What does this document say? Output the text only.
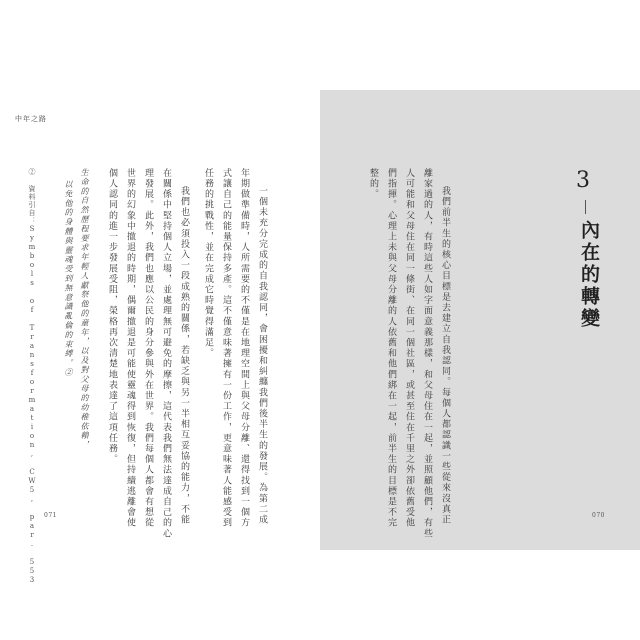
中年之路
② 資料引自：Symbols of Transformation, CW5, par. 553	以免他的身體與靈魂受到無意識亂倫的束縛。② 生命的自然歷程要求年輕人獻祭他的童年，以及對父母的幼稚依賴， 個人認同的進一步發展受阻，榮格再次清楚地表達了這項任務。 世界的幻象中撤退的時期，偶爾撤退是可能使靈魂得到恢復，但持續逃離會使 理發展。此外，我們也應以公民的身分參與外在世界。我們每個人都會有想從 在關係中堅持個人立場，並處理無可避免的摩擦，這代表我們無法達成自己的心 我們也必須投入一段成熟的關係，若缺乏與另一半相互妥協的能力，不能 任務的挑戰性，並在完成它時覺得滿足。 式讓自己的能量保持多產。這不僅意味著擁有一份工作，更意味著人能感受到 年期做準備時，人所需要的不僅是在地理空間上與父母分離、還得找到一個方 一個未充分完成的自我認同，會困擾和糾纏我們後半生的發展。為第二成
071
整的。 們指揮。心理上未與父母分離的人依舊和他們綁在一起，前半生的目標是不完 人可能和父母住在同一條街、在同一個社區，或甚至住在千里之外卻依舊受他 離家過的人，有時這些人如字面意義那樣，和父母住在一起，並照顧他們，有些 我們前半生的核心目標是去建立自我認同。每個人都認識一些從來沒真正	070
3
內在的轉變
